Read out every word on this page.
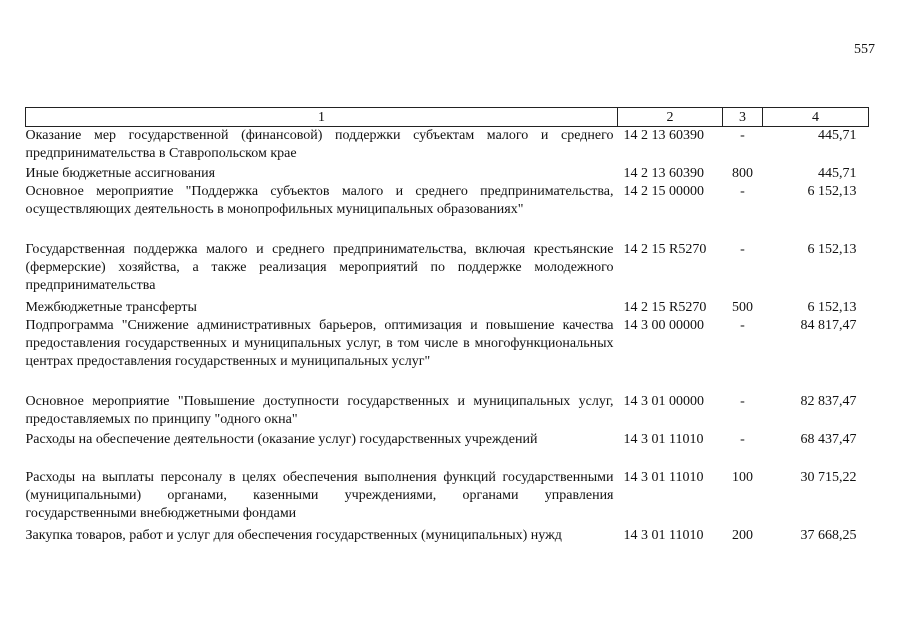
557
1	2	3	4
Оказание мер государственной (финансовой) поддержки субъектам малого и среднего предпринимательства в Ставропольском крае	14 2 13 60390	-	445,71
Иные бюджетные ассигнования	14 2 13 60390	800	445,71
Основное мероприятие "Поддержка субъектов малого и среднего предпринимательства, осуществляющих деятельность в монопрофильных муниципальных образованиях"	14 2 15 00000	-	6 152,13
Государственная поддержка малого и среднего предпринимательства, включая крестьянские (фермерские) хозяйства, а также реализация мероприятий по поддержке молодежного предпринимательства	14 2 15 R5270	-	6 152,13
Межбюджетные трансферты	14 2 15 R5270	500	6 152,13
Подпрограмма "Снижение административных барьеров, оптимизация и повышение качества предоставления государственных и муниципальных услуг, в том числе в многофункциональных центрах предоставления государственных и муниципальных услуг"	14 3 00 00000	-	84 817,47
Основное мероприятие "Повышение доступности государственных и муниципальных услуг, предоставляемых по принципу "одного окна"	14 3 01 00000	-	82 837,47
Расходы на обеспечение деятельности (оказание услуг) государственных учреждений	14 3 01 11010	-	68 437,47
Расходы на выплаты персоналу в целях обеспечения выполнения функций государственными (муниципальными) органами, казенными учреждениями, органами управления государственными внебюджетными фондами	14 3 01 11010	100	30 715,22
Закупка товаров, работ и услуг для обеспечения государственных (муниципальных) нужд	14 3 01 11010	200	37 668,25
